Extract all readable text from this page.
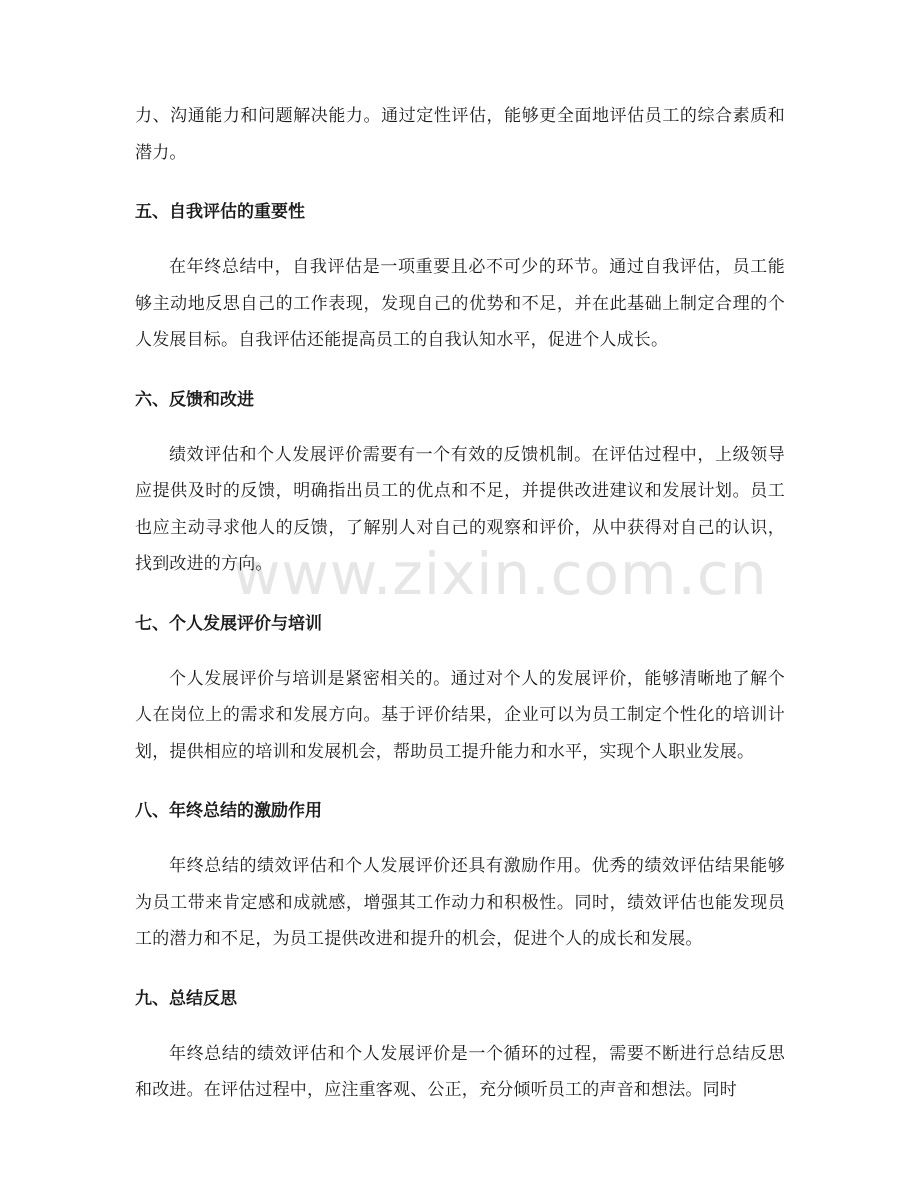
www.zixin.com.cn

力、沟通能力和问题解决能力。通过定性评估，能够更全面地评估员工的综合素质和潜力。

五、自我评估的重要性

在年终总结中，自我评估是一项重要且必不可少的环节。通过自我评估，员工能够主动地反思自己的工作表现，发现自己的优势和不足，并在此基础上制定合理的个人发展目标。自我评估还能提高员工的自我认知水平，促进个人成长。

六、反馈和改进

绩效评估和个人发展评价需要有一个有效的反馈机制。在评估过程中，上级领导应提供及时的反馈，明确指出员工的优点和不足，并提供改进建议和发展计划。员工也应主动寻求他人的反馈，了解别人对自己的观察和评价，从中获得对自己的认识，找到改进的方向。

七、个人发展评价与培训

个人发展评价与培训是紧密相关的。通过对个人的发展评价，能够清晰地了解个人在岗位上的需求和发展方向。基于评价结果，企业可以为员工制定个性化的培训计划，提供相应的培训和发展机会，帮助员工提升能力和水平，实现个人职业发展。

八、年终总结的激励作用

年终总结的绩效评估和个人发展评价还具有激励作用。优秀的绩效评估结果能够为员工带来肯定感和成就感，增强其工作动力和积极性。同时，绩效评估也能发现员工的潜力和不足，为员工提供改进和提升的机会，促进个人的成长和发展。

九、总结反思

年终总结的绩效评估和个人发展评价是一个循环的过程，需要不断进行总结反思和改进。在评估过程中，应注重客观、公正，充分倾听员工的声音和想法。同时
